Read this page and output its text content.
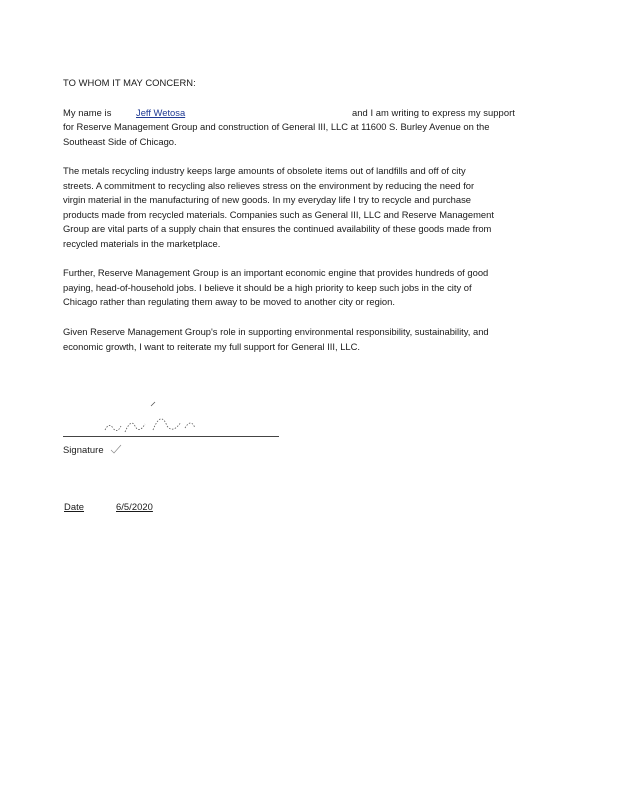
TO WHOM IT MAY CONCERN:
My name is	Jeff Wetosa	and I am writing to express my support
for Reserve Management Group and construction of General III, LLC at 11600 S. Burley Avenue on the
Southeast Side of Chicago.
The metals recycling industry keeps large amounts of obsolete items out of landfills and off of city
streets. A commitment to recycling also relieves stress on the environment by reducing the need for
virgin material in the manufacturing of new goods. In my everyday life I try to recycle and purchase
products made from recycled materials. Companies such as General III, LLC and Reserve Management
Group are vital parts of a supply chain that ensures the continued availability of these goods made from
recycled materials in the marketplace.
Further, Reserve Management Group is an important economic engine that provides hundreds of good
paying, head-of-household jobs. I believe it should be a high priority to keep such jobs in the city of
Chicago rather than regulating them away to be moved to another city or region.
Given Reserve Management Group's role in supporting environmental responsibility, sustainability, and
economic growth, I want to reiterate my full support for General III, LLC.
Signature
Date	6/5/2020
